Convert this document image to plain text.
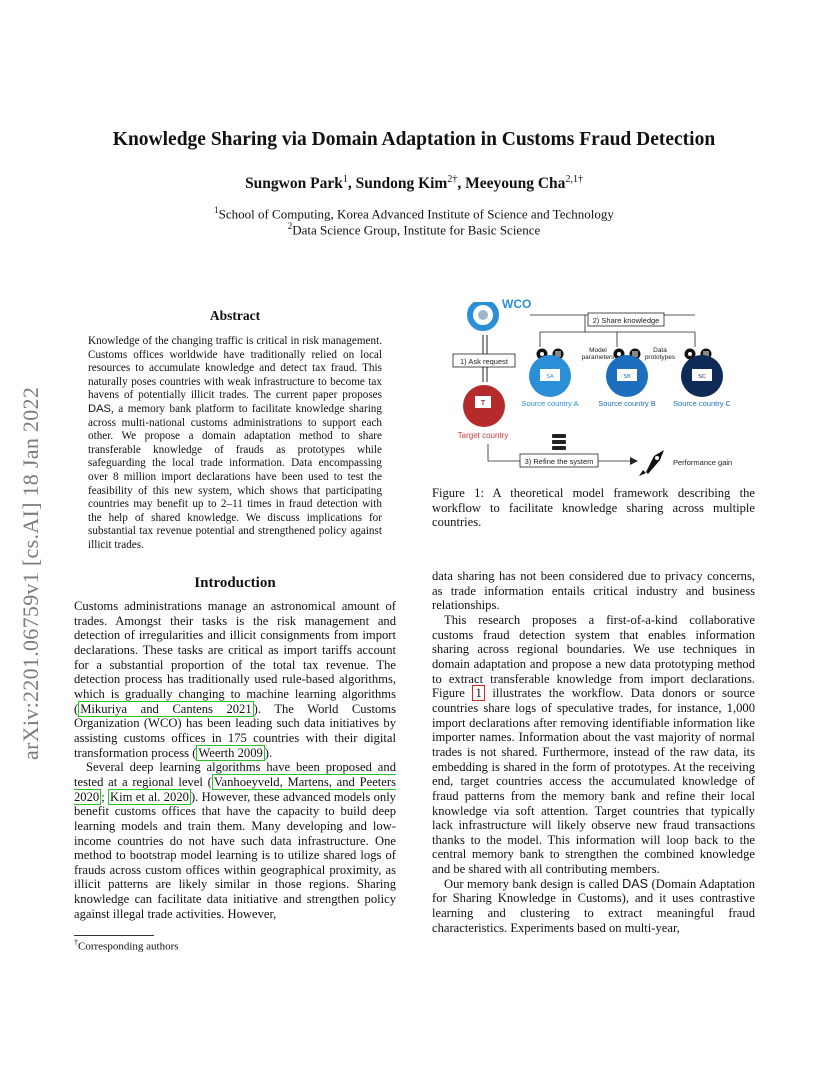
Knowledge Sharing via Domain Adaptation in Customs Fraud Detection
Sungwon Park$^1$, Sundong Kim$^{2\dagger}$, Meeyoung Cha$^{2,1\dagger}$
$^1$School of Computing, Korea Advanced Institute of Science and Technology
$^2$Data Science Group, Institute for Basic Science
arXiv:2201.06759v1 [cs.AI] 18 Jan 2022
Abstract
Knowledge of the changing traffic is critical in risk management. Customs offices worldwide have traditionally relied on local resources to accumulate knowledge and detect tax fraud. This naturally poses countries with weak infrastructure to become tax havens of potentially illicit trades. The current paper proposes DAS, a memory bank platform to facilitate knowledge sharing across multi-national customs administrations to support each other. We propose a domain adaptation method to share transferable knowledge of frauds as prototypes while safeguarding the local trade information. Data encompassing over 8 million import declarations have been used to test the feasibility of this new system, which shows that participating countries may benefit up to 2–11 times in fraud detection with the help of shared knowledge. We discuss implications for substantial tax revenue potential and strengthened policy against illicit trades.
Introduction

Customs administrations manage an astronomical amount of trades. Amongst their tasks is the risk management and detection of irregularities and illicit consignments from import declarations. These tasks are critical as import tariffs account for a substantial proportion of the total tax revenue. The detection process has traditionally used rule-based algorithms, which is gradually changing to machine learning algorithms ( Mikuriya and Cantens 2021 ). The World Customs Organization (WCO) has been leading such data initiatives by assisting customs offices in 175 countries with their digital transformation process ( Weerth 2009 ).

Several deep learning algorithms have been proposed and tested at a regional level ( Vanhoeyveld, Martens, and Peeters 2020 ; Kim et al. 2020 ). However, these advanced models only benefit customs offices that have the capacity to build deep learning models and train them. Many developing and low-income countries do not have such data infrastructure. One method to bootstrap model learning is to utilize shared logs of frauds across custom offices within geographical proximity, as illicit patterns are likely similar in those regions. Sharing knowledge can facilitate data initiative and strengthen policy against illegal trade activities. However,

†Corresponding authors
WCO
1) Ask request
2) Share knowledge
Model parameters
Data prototypes
SA	SB	SC
Source country A	Source country B Source country C
T
Target country
3) Refine the system	Performance gain
Figure 1: A theoretical model framework describing the workflow to facilitate knowledge sharing across multiple countries.

data sharing has not been considered due to privacy concerns, as trade information entails critical industry and business relationships.

This research proposes a first-of-a-kind collaborative customs fraud detection system that enables information sharing across regional boundaries. We use techniques in domain adaptation and propose a new data prototyping method to extract transferable knowledge from import declarations. Figure 1 illustrates the workflow. Data donors or source countries share logs of speculative trades, for instance, 1,000 import declarations after removing identifiable information like importer names. Information about the vast majority of normal trades is not shared. Furthermore, instead of the raw data, its embedding is shared in the form of prototypes. At the receiving end, target countries access the accumulated knowledge of fraud patterns from the memory bank and refine their local knowledge via soft attention. Target countries that typically lack infrastructure will likely observe new fraud transactions thanks to the model. This information will loop back to the central memory bank to strengthen the combined knowledge and be shared with all contributing members.

Our memory bank design is called DAS (Domain Adaptation for Sharing Knowledge in Customs), and it uses contrastive learning and clustering to extract meaningful fraud characteristics. Experiments based on multi-year,
